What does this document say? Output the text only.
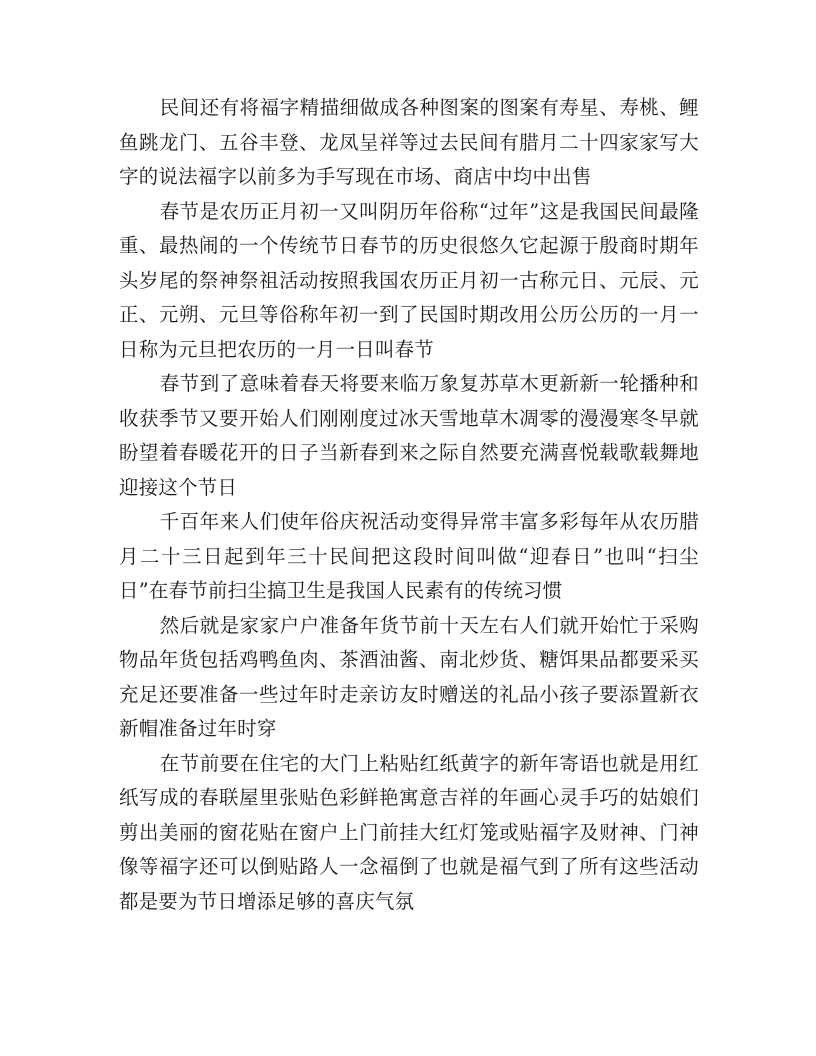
民间还有将福字精描细做成各种图案的图案有寿星、寿桃、鲤鱼跳龙门、五谷丰登、龙凤呈祥等过去民间有腊月二十四家家写大字的说法福字以前多为手写现在市场、商店中均中出售

春节是农历正月初一又叫阴历年俗称“过年”这是我国民间最隆重、最热闹的一个传统节日春节的历史很悠久它起源于殷商时期年头岁尾的祭神祭祖活动按照我国农历正月初一古称元日、元辰、元正、元朔、元旦等俗称年初一到了民国时期改用公历公历的一月一日称为元旦把农历的一月一日叫春节

春节到了意味着春天将要来临万象复苏草木更新新一轮播种和收获季节又要开始人们刚刚度过冰天雪地草木凋零的漫漫寒冬早就盼望着春暖花开的日子当新春到来之际自然要充满喜悦载歌载舞地迎接这个节日

千百年来人们使年俗庆祝活动变得异常丰富多彩每年从农历腊月二十三日起到年三十民间把这段时间叫做“迎春日”也叫“扫尘日”在春节前扫尘搞卫生是我国人民素有的传统习惯

然后就是家家户户准备年货节前十天左右人们就开始忙于采购物品年货包括鸡鸭鱼肉、茶酒油酱、南北炒货、糖饵果品都要采买充足还要准备一些过年时走亲访友时赠送的礼品小孩子要添置新衣新帽准备过年时穿

在节前要在住宅的大门上粘贴红纸黄字的新年寄语也就是用红纸写成的春联屋里张贴色彩鲜艳寓意吉祥的年画心灵手巧的姑娘们剪出美丽的窗花贴在窗户上门前挂大红灯笼或贴福字及财神、门神像等福字还可以倒贴路人一念福倒了也就是福气到了所有这些活动都是要为节日增添足够的喜庆气氛
